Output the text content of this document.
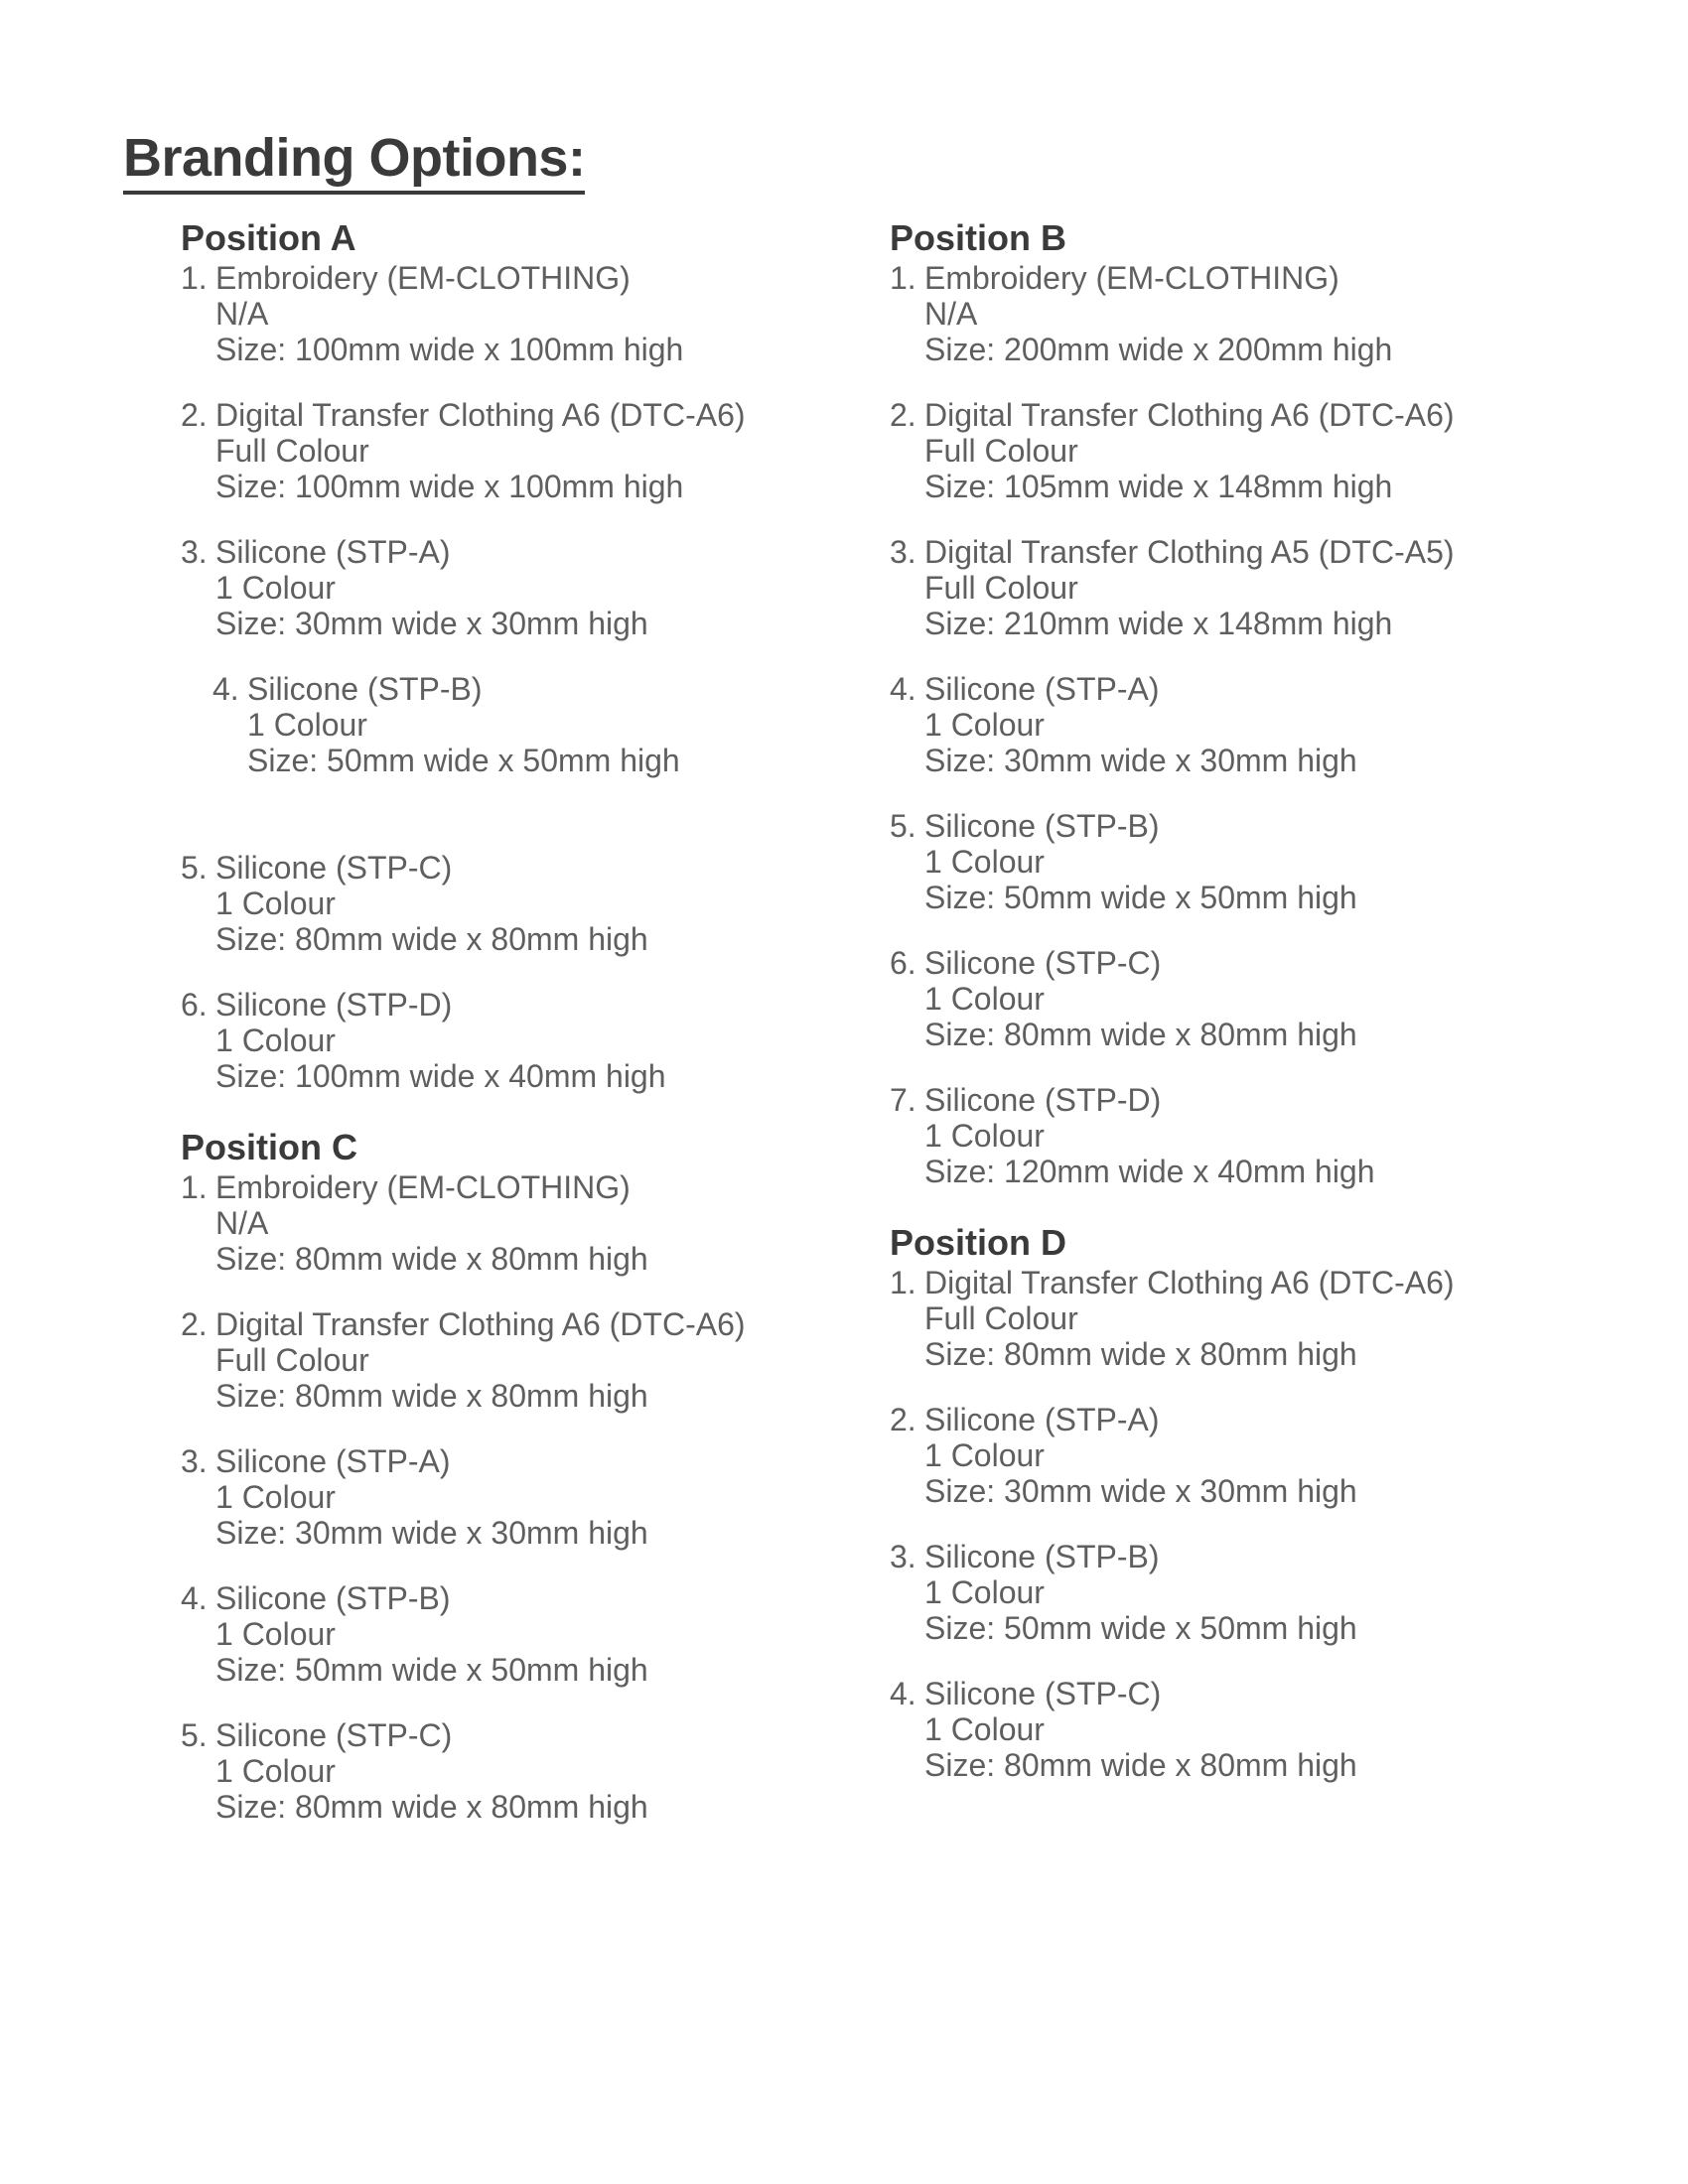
Branding Options:
Position A
1. Embroidery (EM-CLOTHING)
N/A
Size: 100mm wide x 100mm high
2. Digital Transfer Clothing A6 (DTC-A6)
Full Colour
Size: 100mm wide x 100mm high
3. Silicone (STP-A)
1 Colour
Size: 30mm wide x 30mm high
4. Silicone (STP-B)
1 Colour
Size: 50mm wide x 50mm high
5. Silicone (STP-C)
1 Colour
Size: 80mm wide x 80mm high
6. Silicone (STP-D)
1 Colour
Size: 100mm wide x 40mm high
Position C
1. Embroidery (EM-CLOTHING)
N/A
Size: 80mm wide x 80mm high
2. Digital Transfer Clothing A6 (DTC-A6)
Full Colour
Size: 80mm wide x 80mm high
3. Silicone (STP-A)
1 Colour
Size: 30mm wide x 30mm high
4. Silicone (STP-B)
1 Colour
Size: 50mm wide x 50mm high
5. Silicone (STP-C)
1 Colour
Size: 80mm wide x 80mm high
Position B
1. Embroidery (EM-CLOTHING)
N/A
Size: 200mm wide x 200mm high
2. Digital Transfer Clothing A6 (DTC-A6)
Full Colour
Size: 105mm wide x 148mm high
3. Digital Transfer Clothing A5 (DTC-A5)
Full Colour
Size: 210mm wide x 148mm high
4. Silicone (STP-A)
1 Colour
Size: 30mm wide x 30mm high
5. Silicone (STP-B)
1 Colour
Size: 50mm wide x 50mm high
6. Silicone (STP-C)
1 Colour
Size: 80mm wide x 80mm high
7. Silicone (STP-D)
1 Colour
Size: 120mm wide x 40mm high
Position D
1. Digital Transfer Clothing A6 (DTC-A6)
Full Colour
Size: 80mm wide x 80mm high
2. Silicone (STP-A)
1 Colour
Size: 30mm wide x 30mm high
3. Silicone (STP-B)
1 Colour
Size: 50mm wide x 50mm high
4. Silicone (STP-C)
1 Colour
Size: 80mm wide x 80mm high
